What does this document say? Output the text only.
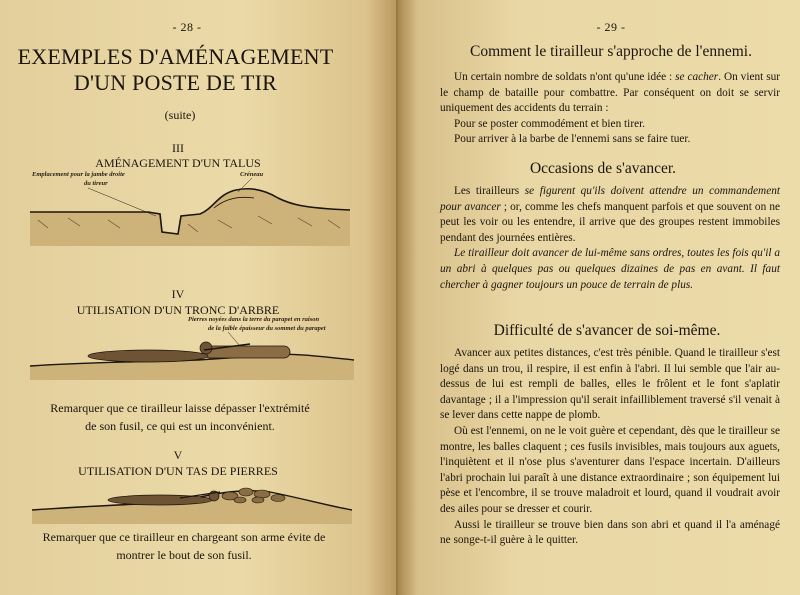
- 28 -
EXEMPLES D'AMÉNAGEMENT
D'UN POSTE DE TIR
(suite)
III
AMÉNAGEMENT D'UN TALUS
Emplacement pour la jambe droite
du tireur
Créneau
IV
UTILISATION D'UN TRONC D'ARBRE
Pierres noyées dans la terre du parapet en raison
de la faible épaisseur du sommet du parapet
Remarquer que ce tirailleur laisse dépasser l'extrémité
de son fusil, ce qui est un inconvénient.
V
UTILISATION D'UN TAS DE PIERRES
Remarquer que ce tirailleur en chargeant son arme évite de
montrer le bout de son fusil.
- 29 -
Comment le tirailleur s'approche de l'ennemi.

Un certain nombre de soldats n'ont qu'une idée : se cacher. On vient sur le champ de bataille pour combattre. Par conséquent on doit se servir uniquement des accidents du terrain :

Pour se poster commodément et bien tirer.

Pour arriver à la barbe de l'ennemi sans se faire tuer.

Occasions de s'avancer.

Les tirailleurs se figurent qu'ils doivent attendre un commandement pour avancer ; or, comme les chefs manquent parfois et que souvent on ne peut les voir ou les entendre, il arrive que des groupes restent immobiles pendant des journées entières.

Le tirailleur doit avancer de lui-même sans ordres, toutes les fois qu'il a un abri à quelques pas ou quelques dizaines de pas en avant. Il faut chercher à gagner toujours un pouce de terrain de plus.

Difficulté de s'avancer de soi-même.

Avancer aux petites distances, c'est très pénible. Quand le tirailleur s'est logé dans un trou, il respire, il est enfin à l'abri. Il lui semble que l'air au-dessus de lui est rempli de balles, elles le frôlent et le font s'aplatir davantage ; il a l'impression qu'il serait infailliblement traversé s'il venait à se lever dans cette nappe de plomb.

Où est l'ennemi, on ne le voit guère et cependant, dès que le tirailleur se montre, les balles claquent ; ces fusils invisibles, mais toujours aux aguets, l'inquiètent et il n'ose plus s'aventurer dans l'espace incertain. D'ailleurs l'abri prochain lui paraît à une distance extraordinaire ; son équipement lui pèse et l'encombre, il se trouve maladroit et lourd, quand il voudrait avoir des ailes pour se dresser et courir.

Aussi le tirailleur se trouve bien dans son abri et quand il l'a aménagé ne songe-t-il guère à le quitter.
